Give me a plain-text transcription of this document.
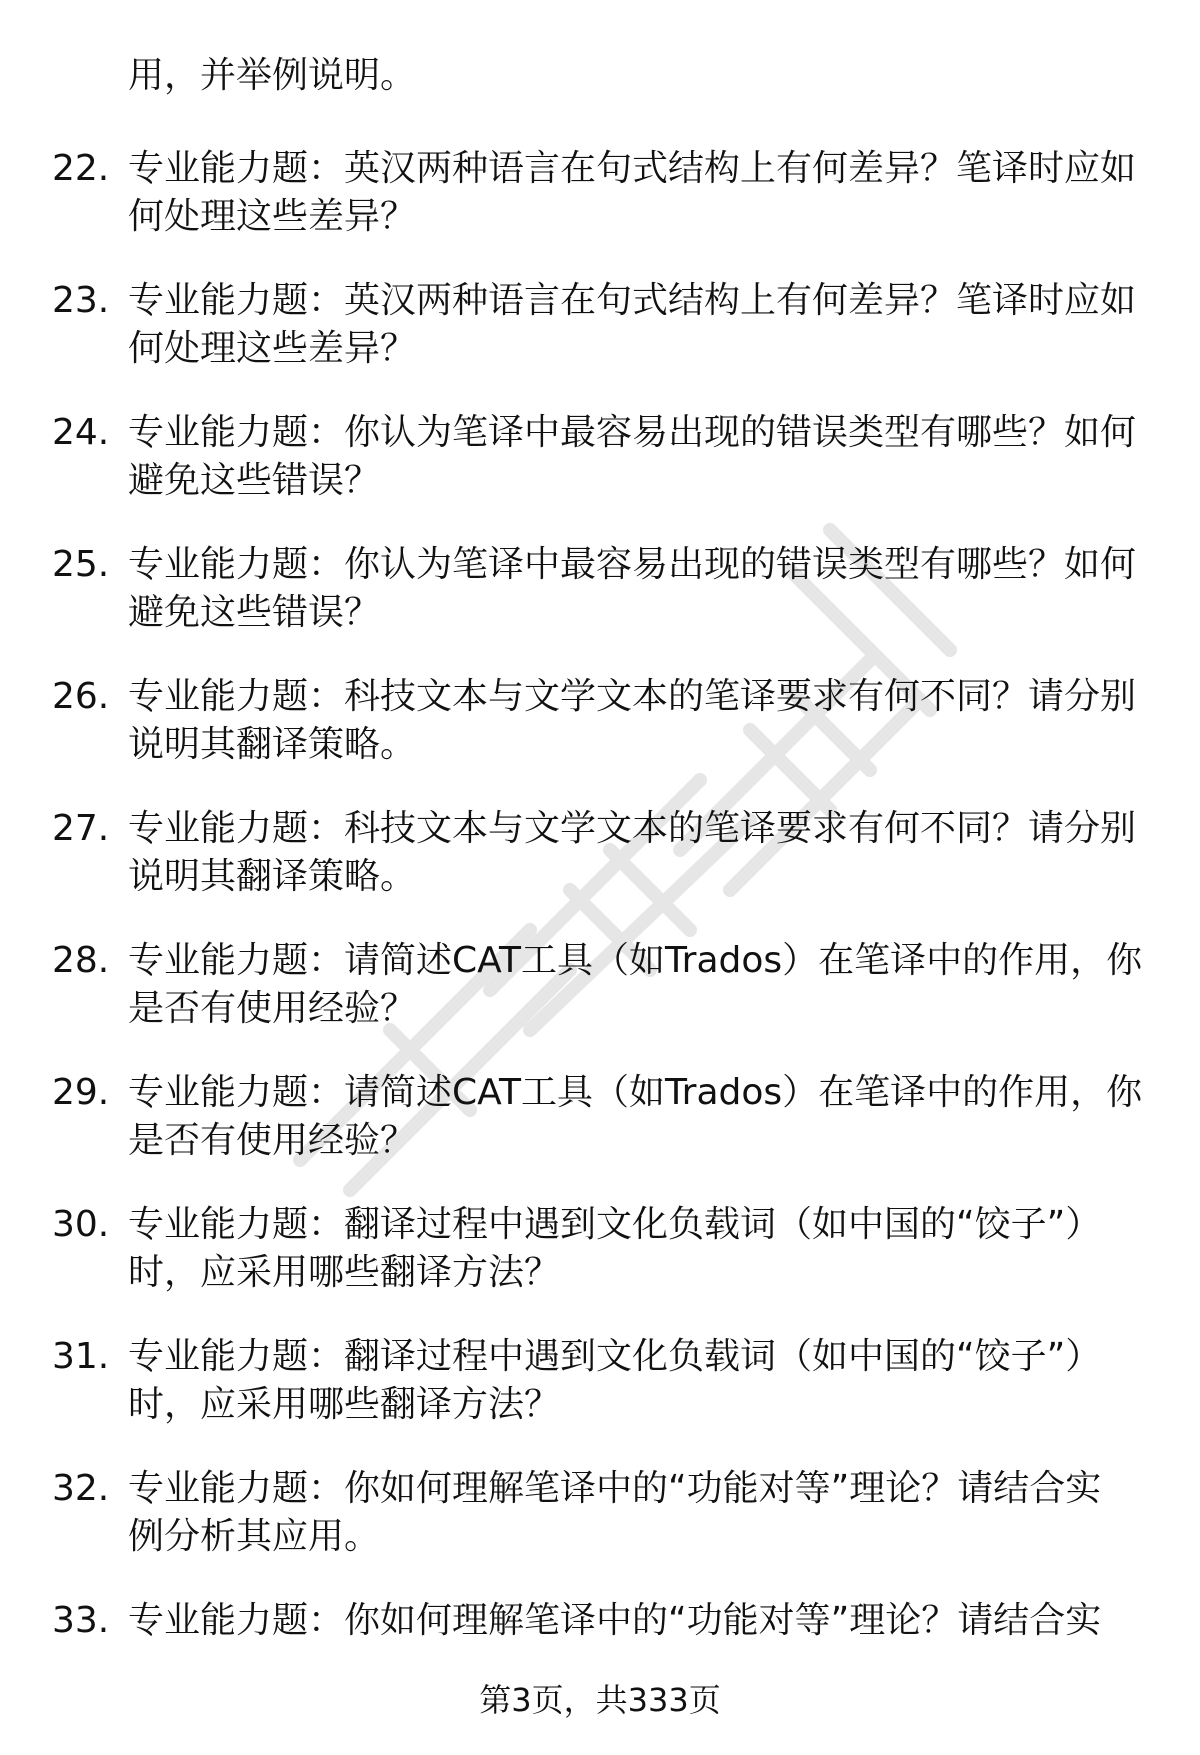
用，并举例说明。

22. 专业能力题：英汉两种语言在句式结构上有何差异？笔译时应如
何处理这些差异？
23. 专业能力题：英汉两种语言在句式结构上有何差异？笔译时应如
何处理这些差异？
24. 专业能力题：你认为笔译中最容易出现的错误类型有哪些？如何
避免这些错误？
25. 专业能力题：你认为笔译中最容易出现的错误类型有哪些？如何
避免这些错误？
26. 专业能力题：科技文本与文学文本的笔译要求有何不同？请分别
说明其翻译策略。
27. 专业能力题：科技文本与文学文本的笔译要求有何不同？请分别
说明其翻译策略。
28. 专业能力题：请简述CAT工具（如Trados）在笔译中的作用，你
是否有使用经验？
29. 专业能力题：请简述CAT工具（如Trados）在笔译中的作用，你
是否有使用经验？
30. 专业能力题：翻译过程中遇到文化负载词（如中国的“饺子”）
时，应采用哪些翻译方法？
31. 专业能力题：翻译过程中遇到文化负载词（如中国的“饺子”）
时，应采用哪些翻译方法？
32. 专业能力题：你如何理解笔译中的“功能对等”理论？请结合实
例分析其应用。
33. 专业能力题：你如何理解笔译中的“功能对等”理论？请结合实
第3页，共333页
